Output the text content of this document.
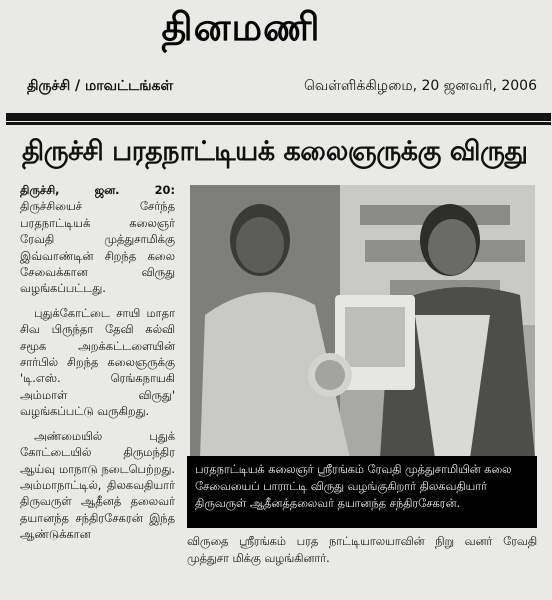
தினமணி
திருச்சி / மாவட்டங்கள்	வெள்ளிக்கிழமை, 20 ஜனவரி, 2006
திருச்சி பரதநாட்டியக் கலைஞருக்கு விருது

திருச்சி, ஜன. 20: திருச்சியைச் சேர்ந்த பரதநாட்டியக் கலைஞர் ரேவதி முத்துசாமிக்கு இவ்வாண்டின் சிறந்த கலை சேவைக்கான விருது வழங்கப்பட்டது.

புதுக்கோட்டை சாயி மாதா சிவ பிருந்தா தேவி கல்வி சமூக அறக்கட்டளையின் சார்பில் சிறந்த கலைஞருக்கு 'டி.எஸ். ரெங்கநாயகி அம்மாள் விருது' வழங்கப்பட்டு வருகிறது.

அண்மையில் புதுக் கோட்டையில் திருமந்திர ஆய்வு மாநாடு நடைபெற்றது. அம்மாநாட்டில், திலகவதியார் திருவருள் ஆதீனத் தலைவர் தயானந்த சந்திரசேகரன் இந்த ஆண்டுக்கான

பரதநாட்டியக் கலைஞர் ஸ்ரீரங்கம் ரேவதி முத்துசாமியின் கலை சேவையைப் பாராட்டி விருது வழங்குகிறார் திலகவதியார் திருவருள் ஆதீனத்தலைவர் தயானந்த சந்திரசேகரன்.
விருதை ஸ்ரீரங்கம் பரத நாட்டியாலயாவின் நிறு வனர் ரேவதி முத்துசா மிக்கு வழங்கினார்.
